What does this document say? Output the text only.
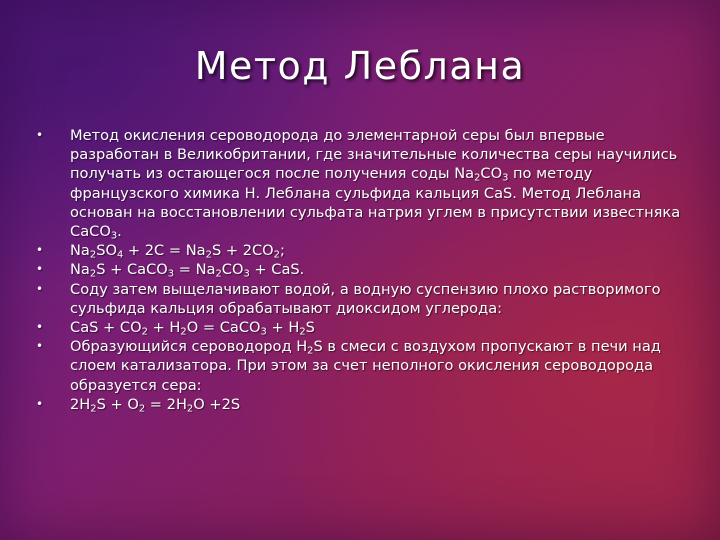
Метод Леблана
• Метод окисления сероводорода до элементарной серы был впервые разработан в Великобритании, где значительные количества серы научились получать из остающегося после получения соды $Na_2CO_3$ по методу французского химика Н. Леблана сульфида кальция CaS. Метод Леблана основан на восстановлении сульфата натрия углем в присутствии известняка CaCO$_3$.
• $Na_2SO_4 + 2C = Na_2S + 2CO_2$;
• $Na_2S$ + CaCO$_3$ = $Na_2CO_3$ + CaS.
• Соду затем выщелачивают водой, а водную суспензию плохо растворимого сульфида кальция обрабатывают диоксидом углерода:
• CaS + $CO_2 + H_2O$ = CaCO$_3$ + $H_2S$
• Образующийся сероводород $H_2S$ в смеси с воздухом пропускают в печи над слоем катализатора. При этом за счет неполного окисления сероводорода образуется сера:
• $2H_2S + O_2 = 2H_2O +2S$
